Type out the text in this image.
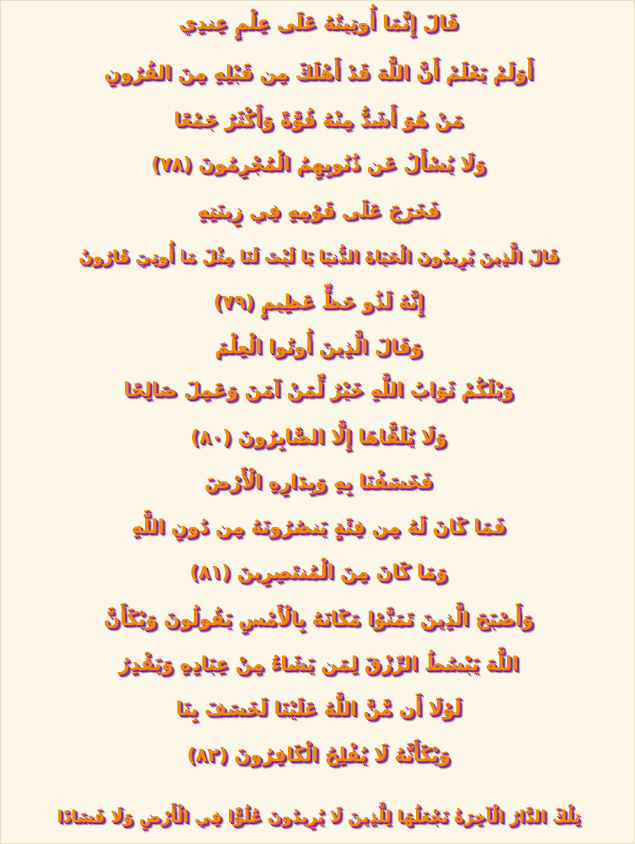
قَالَ إِنَّمَا أُوتِيتُهُ عَلَى عِلْمٍ عِندِي
أَوَلَمْ يَعْلَمْ أَنَّ اللَّهَ قَدْ أَهْلَكَ مِن قَبْلِهِ مِنَ القُرُونِ
مَنْ هُوَ أَشَدُّ مِنْهُ قُوَّةً وَأَكْثَرُ جَمْعًا
وَلَا يُسْأَلُ عَن ذُنُوبِهِمُ الْمُجْرِمُونَ (٧٨)
فَخَرَجَ عَلَى قَوْمِهِ فِي زِينَتِهِ
قَالَ الَّذِينَ يُرِيدُونَ الْحَيَاةَ الدُّنيَا يَا لَيْتَ لَنَا مِثْلَ مَا أُوتِيَ قَارُونُ
إِنَّهُ لَذُو حَظٍّ عَظِيمٍ (٧٩)
وَقَالَ الَّذِينَ أُوتُوا الْعِلْمَ
وَيْلَكُمْ ثَوَابُ اللَّهِ خَيْرٌ لِّمَنْ آمَنَ وَعَمِلَ صَالِحًا
وَلَا يُلَقَّاهَا إِلَّا الصَّابِرُونَ (٨٠)
فَخَسَفْنَا بِهِ وَبِدَارِهِ الْأَرْضَ
فَمَا كَانَ لَهُ مِن فِئَةٍ يَنصُرُونَهُ مِن دُونِ اللَّهِ
وَمَا كَانَ مِنَ الْمُنتَصِرِينَ (٨١)
وَأَصْبَحَ الَّذِينَ تَمَنَّوْا مَكَانَهُ بِالْأَمْسِ يَقُولُونَ وَيْكَأَنَّ
اللَّهَ يَبْسُطُ الرِّزْقَ لِمَن يَشَاءُ مِنْ عِبَادِهِ وَيَقْدِرُ
لَوْلَا أَن مَّنَّ اللَّهُ عَلَيْنَا لَخَسَفَ بِنَا
وَيْكَأَنَّهُ لَا يُفْلِحُ الْكَافِرُونَ (٨٢)
تِلْكَ الدَّارُ الْآخِرَةُ نَجْعَلُهَا لِلَّذِينَ لَا يُرِيدُونَ عُلُوًّا فِي الْأَرْضِ وَلَا فَسَادًا
